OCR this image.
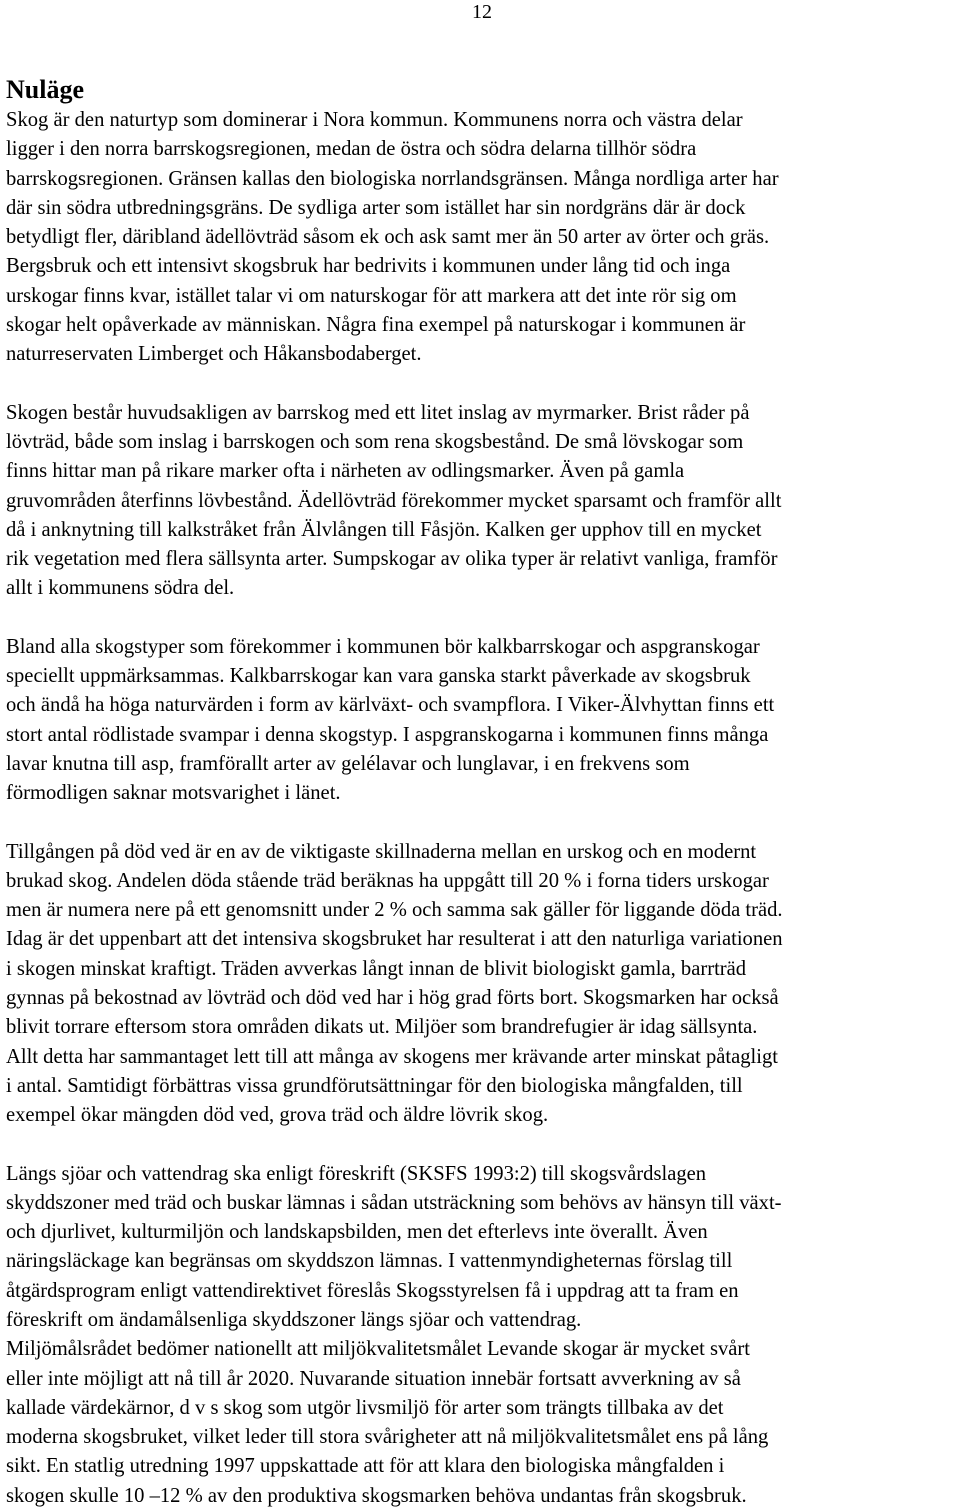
12
Nuläge

Skog är den naturtyp som dominerar i Nora kommun. Kommunens norra och västra delar
ligger i den norra barrskogsregionen, medan de östra och södra delarna tillhör södra
barrskogsregionen. Gränsen kallas den biologiska norrlandsgränsen. Många nordliga arter har
där sin södra utbredningsgräns. De sydliga arter som istället har sin nordgräns där är dock
betydligt fler, däribland ädellövträd såsom ek och ask samt mer än 50 arter av örter och gräs.
Bergsbruk och ett intensivt skogsbruk har bedrivits i kommunen under lång tid och inga
urskogar finns kvar, istället talar vi om naturskogar för att markera att det inte rör sig om
skogar helt opåverkade av människan. Några fina exempel på naturskogar i kommunen är
naturreservaten Limberget och Håkansbodaberget.

Skogen består huvudsakligen av barrskog med ett litet inslag av myrmarker. Brist råder på
lövträd, både som inslag i barrskogen och som rena skogsbestånd. De små lövskogar som
finns hittar man på rikare marker ofta i närheten av odlingsmarker. Även på gamla
gruvområden återfinns lövbestånd. Ädellövträd förekommer mycket sparsamt och framför allt
då i anknytning till kalkstråket från Älvlången till Fåsjön. Kalken ger upphov till en mycket
rik vegetation med flera sällsynta arter. Sumpskogar av olika typer är relativt vanliga, framför
allt i kommunens södra del.

Bland alla skogstyper som förekommer i kommunen bör kalkbarrskogar och aspgranskogar
speciellt uppmärksammas. Kalkbarrskogar kan vara ganska starkt påverkade av skogsbruk
och ändå ha höga naturvärden i form av kärlväxt- och svampflora. I Viker-Älvhyttan finns ett
stort antal rödlistade svampar i denna skogstyp. I aspgranskogarna i kommunen finns många
lavar knutna till asp, framförallt arter av gelélavar och lunglavar, i en frekvens som
förmodligen saknar motsvarighet i länet.

Tillgången på död ved är en av de viktigaste skillnaderna mellan en urskog och en modernt
brukad skog. Andelen döda stående träd beräknas ha uppgått till 20 % i forna tiders urskogar
men är numera nere på ett genomsnitt under 2 % och samma sak gäller för liggande döda träd.
Idag är det uppenbart att det intensiva skogsbruket har resulterat i att den naturliga variationen
i skogen minskat kraftigt. Träden avverkas långt innan de blivit biologiskt gamla, barrträd
gynnas på bekostnad av lövträd och död ved har i hög grad förts bort. Skogsmarken har också
blivit torrare eftersom stora områden dikats ut. Miljöer som brandrefugier är idag sällsynta.
Allt detta har sammantaget lett till att många av skogens mer krävande arter minskat påtagligt
i antal. Samtidigt förbättras vissa grundförutsättningar för den biologiska mångfalden, till
exempel ökar mängden död ved, grova träd och äldre lövrik skog.

Längs sjöar och vattendrag ska enligt föreskrift (SKSFS 1993:2) till skogsvårdslagen
skyddszoner med träd och buskar lämnas i sådan utsträckning som behövs av hänsyn till växt-
och djurlivet, kulturmiljön och landskapsbilden, men det efterlevs inte överallt. Även
näringsläckage kan begränsas om skyddszon lämnas. I vattenmyndigheternas förslag till
åtgärdsprogram enligt vattendirektivet föreslås Skogsstyrelsen få i uppdrag att ta fram en
föreskrift om ändamålsenliga skyddszoner längs sjöar och vattendrag.

Miljömålsrådet bedömer nationellt att miljökvalitetsmålet Levande skogar är mycket svårt
eller inte möjligt att nå till år 2020. Nuvarande situation innebär fortsatt avverkning av så
kallade värdekärnor, d v s skog som utgör livsmiljö för arter som trängts tillbaka av det
moderna skogsbruket, vilket leder till stora svårigheter att nå miljökvalitetsmålet ens på lång
sikt. En statlig utredning 1997 uppskattade att för att klara den biologiska mångfalden i
skogen skulle 10 –12 % av den produktiva skogsmarken behöva undantas från skogsbruk.
